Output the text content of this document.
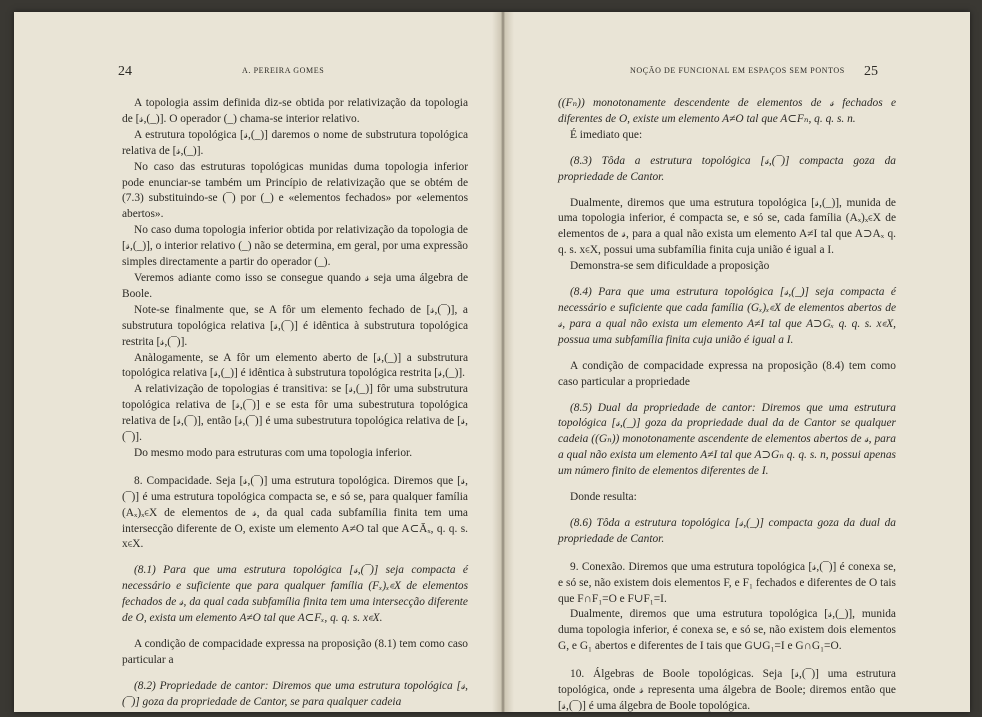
24	A. PEREIRA GOMES

A topologia assim definida diz-se obtida por relativização da topologia de [𝓈,(_)]. O operador (_) chama-se interior relativo.

A estrutura topológica [𝓈,(_)] daremos o nome de substrutura topológica relativa de [𝓈,(_)].

No caso das estruturas topológicas munidas duma topologia inferior pode enunciar-se também um Princípio de relativização que se obtém de (7.3) substituindo-se (¯) por (_) e «elementos fechados» por «elementos abertos».

No caso duma topologia inferior obtida por relativização da topologia de [𝓈,(_)], o interior relativo (_) não se determina, em geral, por uma expressão simples directamente a partir do operador (_).

Veremos adiante como isso se consegue quando 𝓈 seja uma álgebra de Boole.

Note-se finalmente que, se A fôr um elemento fechado de [𝓈,(¯)], a substrutura topológica relativa [𝓈,(¯)] é idêntica à substrutura topológica restrita [𝓈,(¯)].

Anàlogamente, se A fôr um elemento aberto de [𝓈,(_)] a substrutura topológica relativa [𝓈,(_)] é idêntica à substrutura topológica restrita [𝓈,(_)].

A relativização de topologias é transitiva: se [𝓈,(_)] fôr uma substrutura topológica relativa de [𝓈,(¯)] e se esta fôr uma subestrutura topológica relativa de [𝓈,(¯)], então [𝓈,(¯)] é uma subestrutura topológica relativa de [𝓈,(¯)].

Do mesmo modo para estruturas com uma topologia inferior.

8. Compacidade. Seja [𝓈,(¯)] uma estrutura topológica. Diremos que [𝓈,(¯)] é uma estrutura topológica compacta se, e só se, para qualquer família (Aₓ)ₓ∊X de elementos de 𝓈, da qual cada subfamília finita tem uma intersecção diferente de O, existe um elemento A≠O tal que A⊂Āₓ, q. q. s. x∊X.

(8.1) Para que uma estrutura topológica [𝓈,(¯)] seja compacta é necessário e suficiente que para qualquer família (Fₓ)ₓ∊X de elementos fechados de 𝓈, da qual cada subfamília finita tem uma intersecção diferente de O, exista um elemento A≠O tal que A⊂Fₓ, q. q. s. x∊X.

A condição de compacidade expressa na proposição (8.1) tem como caso particular a

(8.2) Propriedade de cantor: Diremos que uma estrutura topológica [𝓈,(¯)] goza da propriedade de Cantor, se para qualquer cadeia

NOÇÃO DE FUNCIONAL EM ESPAÇOS SEM PONTOS 25

((Fₙ)) monotonamente descendente de elementos de 𝓈 fechados e diferentes de O, existe um elemento A≠O tal que A⊂Fₙ, q. q. s. n.

É imediato que:

(8.3) Tôda a estrutura topológica [𝓈,(¯)] compacta goza da propriedade de Cantor.

Dualmente, diremos que uma estrutura topológica [𝓈,(_)], munida de uma topologia inferior, é compacta se, e só se, cada família (Aₓ)ₓ∊X de elementos de 𝓈, para a qual não exista um elemento A≠I tal que A⊃Aₓ q. q. s. x∊X, possui uma subfamília finita cuja união é igual a I.

Demonstra-se sem dificuldade a proposição

(8.4) Para que uma estrutura topológica [𝓈,(_)] seja compacta é necessário e suficiente que cada família (Gₓ)ₓ∊X de elementos abertos de 𝓈, para a qual não exista um elemento A≠I tal que A⊃Gₓ q. q. s. x∊X, possua uma subfamília finita cuja união é igual a I.

A condição de compacidade expressa na proposição (8.4) tem como caso particular a propriedade

(8.5) Dual da propriedade de cantor: Diremos que uma estrutura topológica [𝓈,(_)] goza da propriedade dual da de Cantor se qualquer cadeia ((Gₙ)) monotonamente ascendente de elementos abertos de 𝓈, para a qual não exista um elemento A≠I tal que A⊃Gₙ q. q. s. n, possui apenas um número finito de elementos diferentes de I.

Donde resulta:

(8.6) Tôda a estrutura topológica [𝓈,(_)] compacta goza da dual da propriedade de Cantor.

9. Conexão. Diremos que uma estrutura topológica [𝓈,(¯)] é conexa se, e só se, não existem dois elementos F, e F₁ fechados e diferentes de O tais que F∩F₁=O e F∪F₁=I.

Dualmente, diremos que uma estrutura topológica [𝓈,(_)], munida duma topologia inferior, é conexa se, e só se, não existem dois elementos G, e G₁ abertos e diferentes de I tais que G∪G₁=I e G∩G₁=O.

10. Álgebras de Boole topológicas. Seja [𝓈,(¯)] uma estrutura topológica, onde 𝓈 representa uma álgebra de Boole; diremos então que [𝓈,(¯)] é uma álgebra de Boole topológica.
